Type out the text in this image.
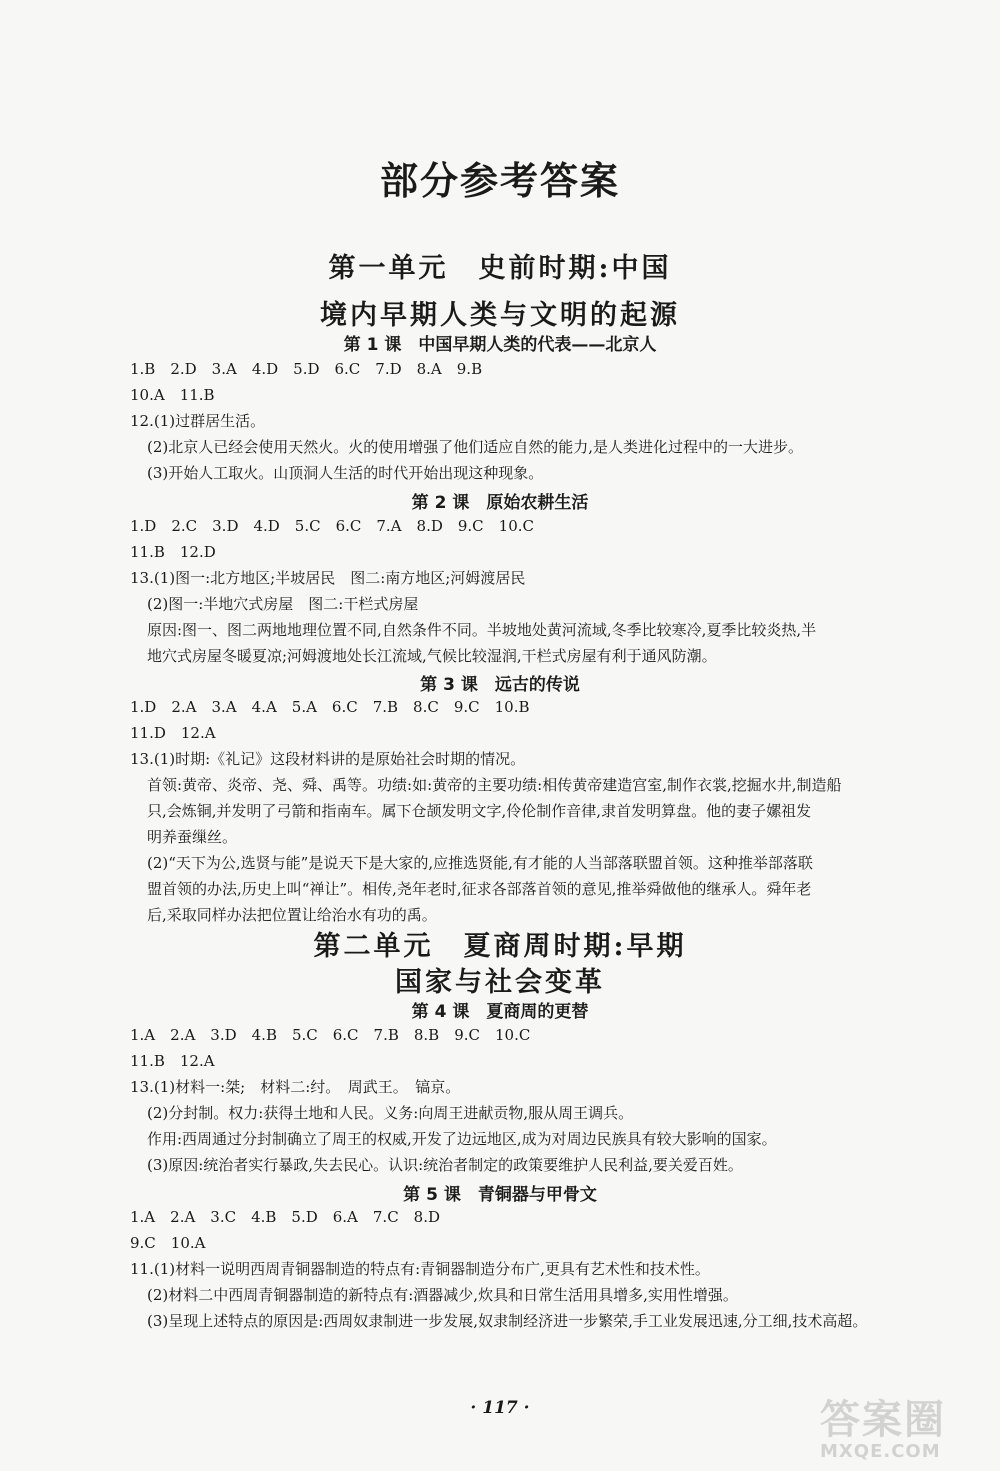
部分参考答案
第一单元　史前时期:中国
境内早期人类与文明的起源
第 1 课　中国早期人类的代表——北京人
1.B　2.D　3.A　4.D　5.D　6.C　7.D　8.A　9.B
10.A　11.B
12.(1)过群居生活。
(2)北京人已经会使用天然火。火的使用增强了他们适应自然的能力,是人类进化过程中的一大进步。
(3)开始人工取火。山顶洞人生活的时代开始出现这种现象。
第 2 课　原始农耕生活
1.D　2.C　3.D　4.D　5.C　6.C　7.A　8.D　9.C　10.C
11.B　12.D
13.(1)图一:北方地区;半坡居民　图二:南方地区;河姆渡居民
(2)图一:半地穴式房屋　图二:干栏式房屋
原因:图一、图二两地地理位置不同,自然条件不同。半坡地处黄河流域,冬季比较寒冷,夏季比较炎热,半
地穴式房屋冬暖夏凉;河姆渡地处长江流域,气候比较湿润,干栏式房屋有利于通风防潮。
第 3 课　远古的传说
1.D　2.A　3.A　4.A　5.A　6.C　7.B　8.C　9.C　10.B
11.D　12.A
13.(1)时期:《礼记》这段材料讲的是原始社会时期的情况。
首领:黄帝、炎帝、尧、舜、禹等。功绩:如:黄帝的主要功绩:相传黄帝建造宫室,制作衣裳,挖掘水井,制造船
只,会炼铜,并发明了弓箭和指南车。属下仓颉发明文字,伶伦制作音律,隶首发明算盘。他的妻子嫘祖发
明养蚕缫丝。
(2)“天下为公,选贤与能”是说天下是大家的,应推选贤能,有才能的人当部落联盟首领。这种推举部落联
盟首领的办法,历史上叫“禅让”。相传,尧年老时,征求各部落首领的意见,推举舜做他的继承人。舜年老
后,采取同样办法把位置让给治水有功的禹。
第二单元　夏商周时期:早期
国家与社会变革
第 4 课　夏商周的更替
1.A　2.A　3.D　4.B　5.C　6.C　7.B　8.B　9.C　10.C
11.B　12.A
13.(1)材料一:桀;　材料二:纣。　周武王。　镐京。
(2)分封制。权力:获得土地和人民。义务:向周王进献贡物,服从周王调兵。
作用:西周通过分封制确立了周王的权威,开发了边远地区,成为对周边民族具有较大影响的国家。
(3)原因:统治者实行暴政,失去民心。认识:统治者制定的政策要维护人民利益,要关爱百姓。
第 5 课　青铜器与甲骨文
1.A　2.A　3.C　4.B　5.D　6.A　7.C　8.D
9.C　10.A
11.(1)材料一说明西周青铜器制造的特点有:青铜器制造分布广,更具有艺术性和技术性。
(2)材料二中西周青铜器制造的新特点有:酒器减少,炊具和日常生活用具增多,实用性增强。
(3)呈现上述特点的原因是:西周奴隶制进一步发展,奴隶制经济进一步繁荣,手工业发展迅速,分工细,技术高超。
· 117 ·	答案圈
MXQE.COM
